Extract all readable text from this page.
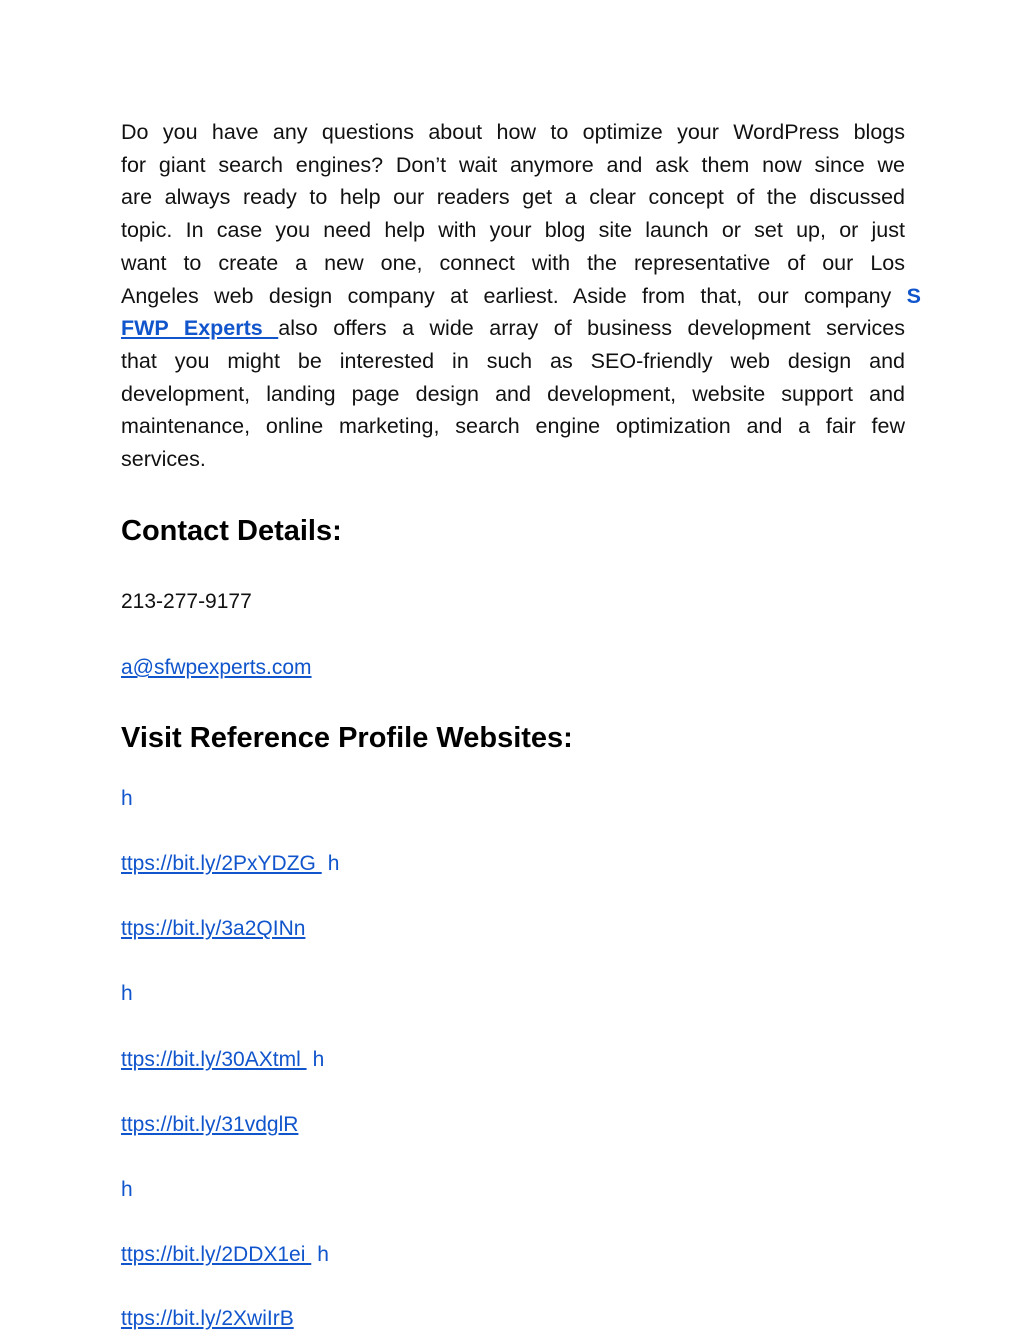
Do you have any questions about how to optimize your WordPress blogs
for giant search engines? Don’t wait anymore and ask them now since we
are always ready to help our readers get a clear concept of the discussed
topic. In case you need help with your blog site launch or set up, or just
want to create a new one, connect with the representative of our Los
Angeles web design company at earliest. Aside from that, our company S
FWP Experts also offers a wide array of business development services
that you might be interested in such as SEO-friendly web design and
development, landing page design and development, website support and
maintenance, online marketing, search engine optimization and a fair few
services.
Contact Details:

213-277-9177

a@sfwpexperts.com

Visit Reference Profile Websites:
h
ttps://bit.ly/2PxYDZG h
ttps://bit.ly/3a2QINn
h
ttps://bit.ly/30AXtml h
ttps://bit.ly/31vdglR
h
ttps://bit.ly/2DDX1ei h
ttps://bit.ly/2XwiIrB
